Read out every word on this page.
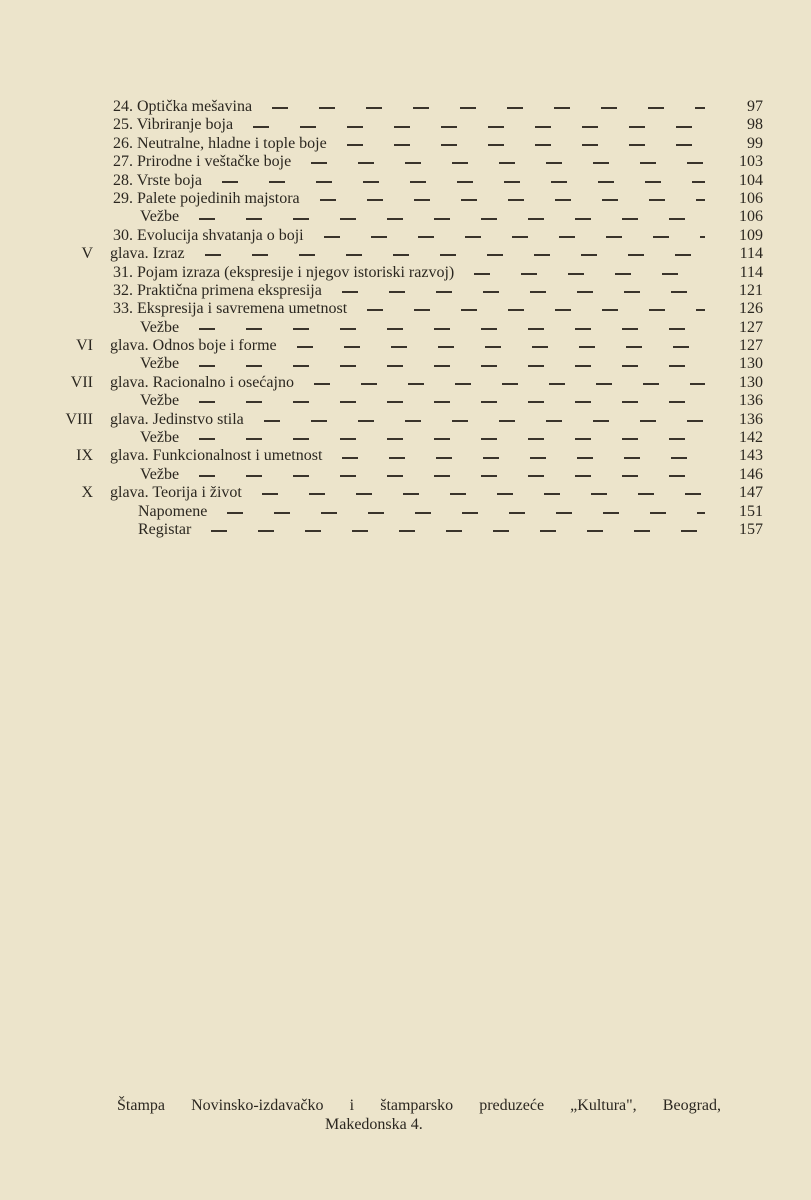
24. Optička mešavina	97
25. Vibriranje boja	98
26. Neutralne, hladne i tople boje	99
27. Prirodne i veštačke boje	103
28. Vrste boja	104
29. Palete pojedinih majstora	106
Vežbe	106
30. Evolucija shvatanja o boji	109
V	glava. Izraz	114
31. Pojam izraza (ekspresije i njegov istoriski razvoj)	114
32. Praktična primena ekspresija	121
33. Ekspresija i savremena umetnost	126
Vežbe	127
VI	glava. Odnos boje i forme	127
Vežbe	130
VII	glava. Racionalno i osećajno	130
Vežbe	136
VIII	glava. Jedinstvo stila	136
Vežbe	142
IX	glava. Funkcionalnost i umetnost	143
Vežbe	146
X	glava. Teorija i život	147
Napomene	151
Registar	157
Štampa Novinsko-izdavačko i štamparsko preduzeće „Kultura", Beograd,
Makedonska 4.
